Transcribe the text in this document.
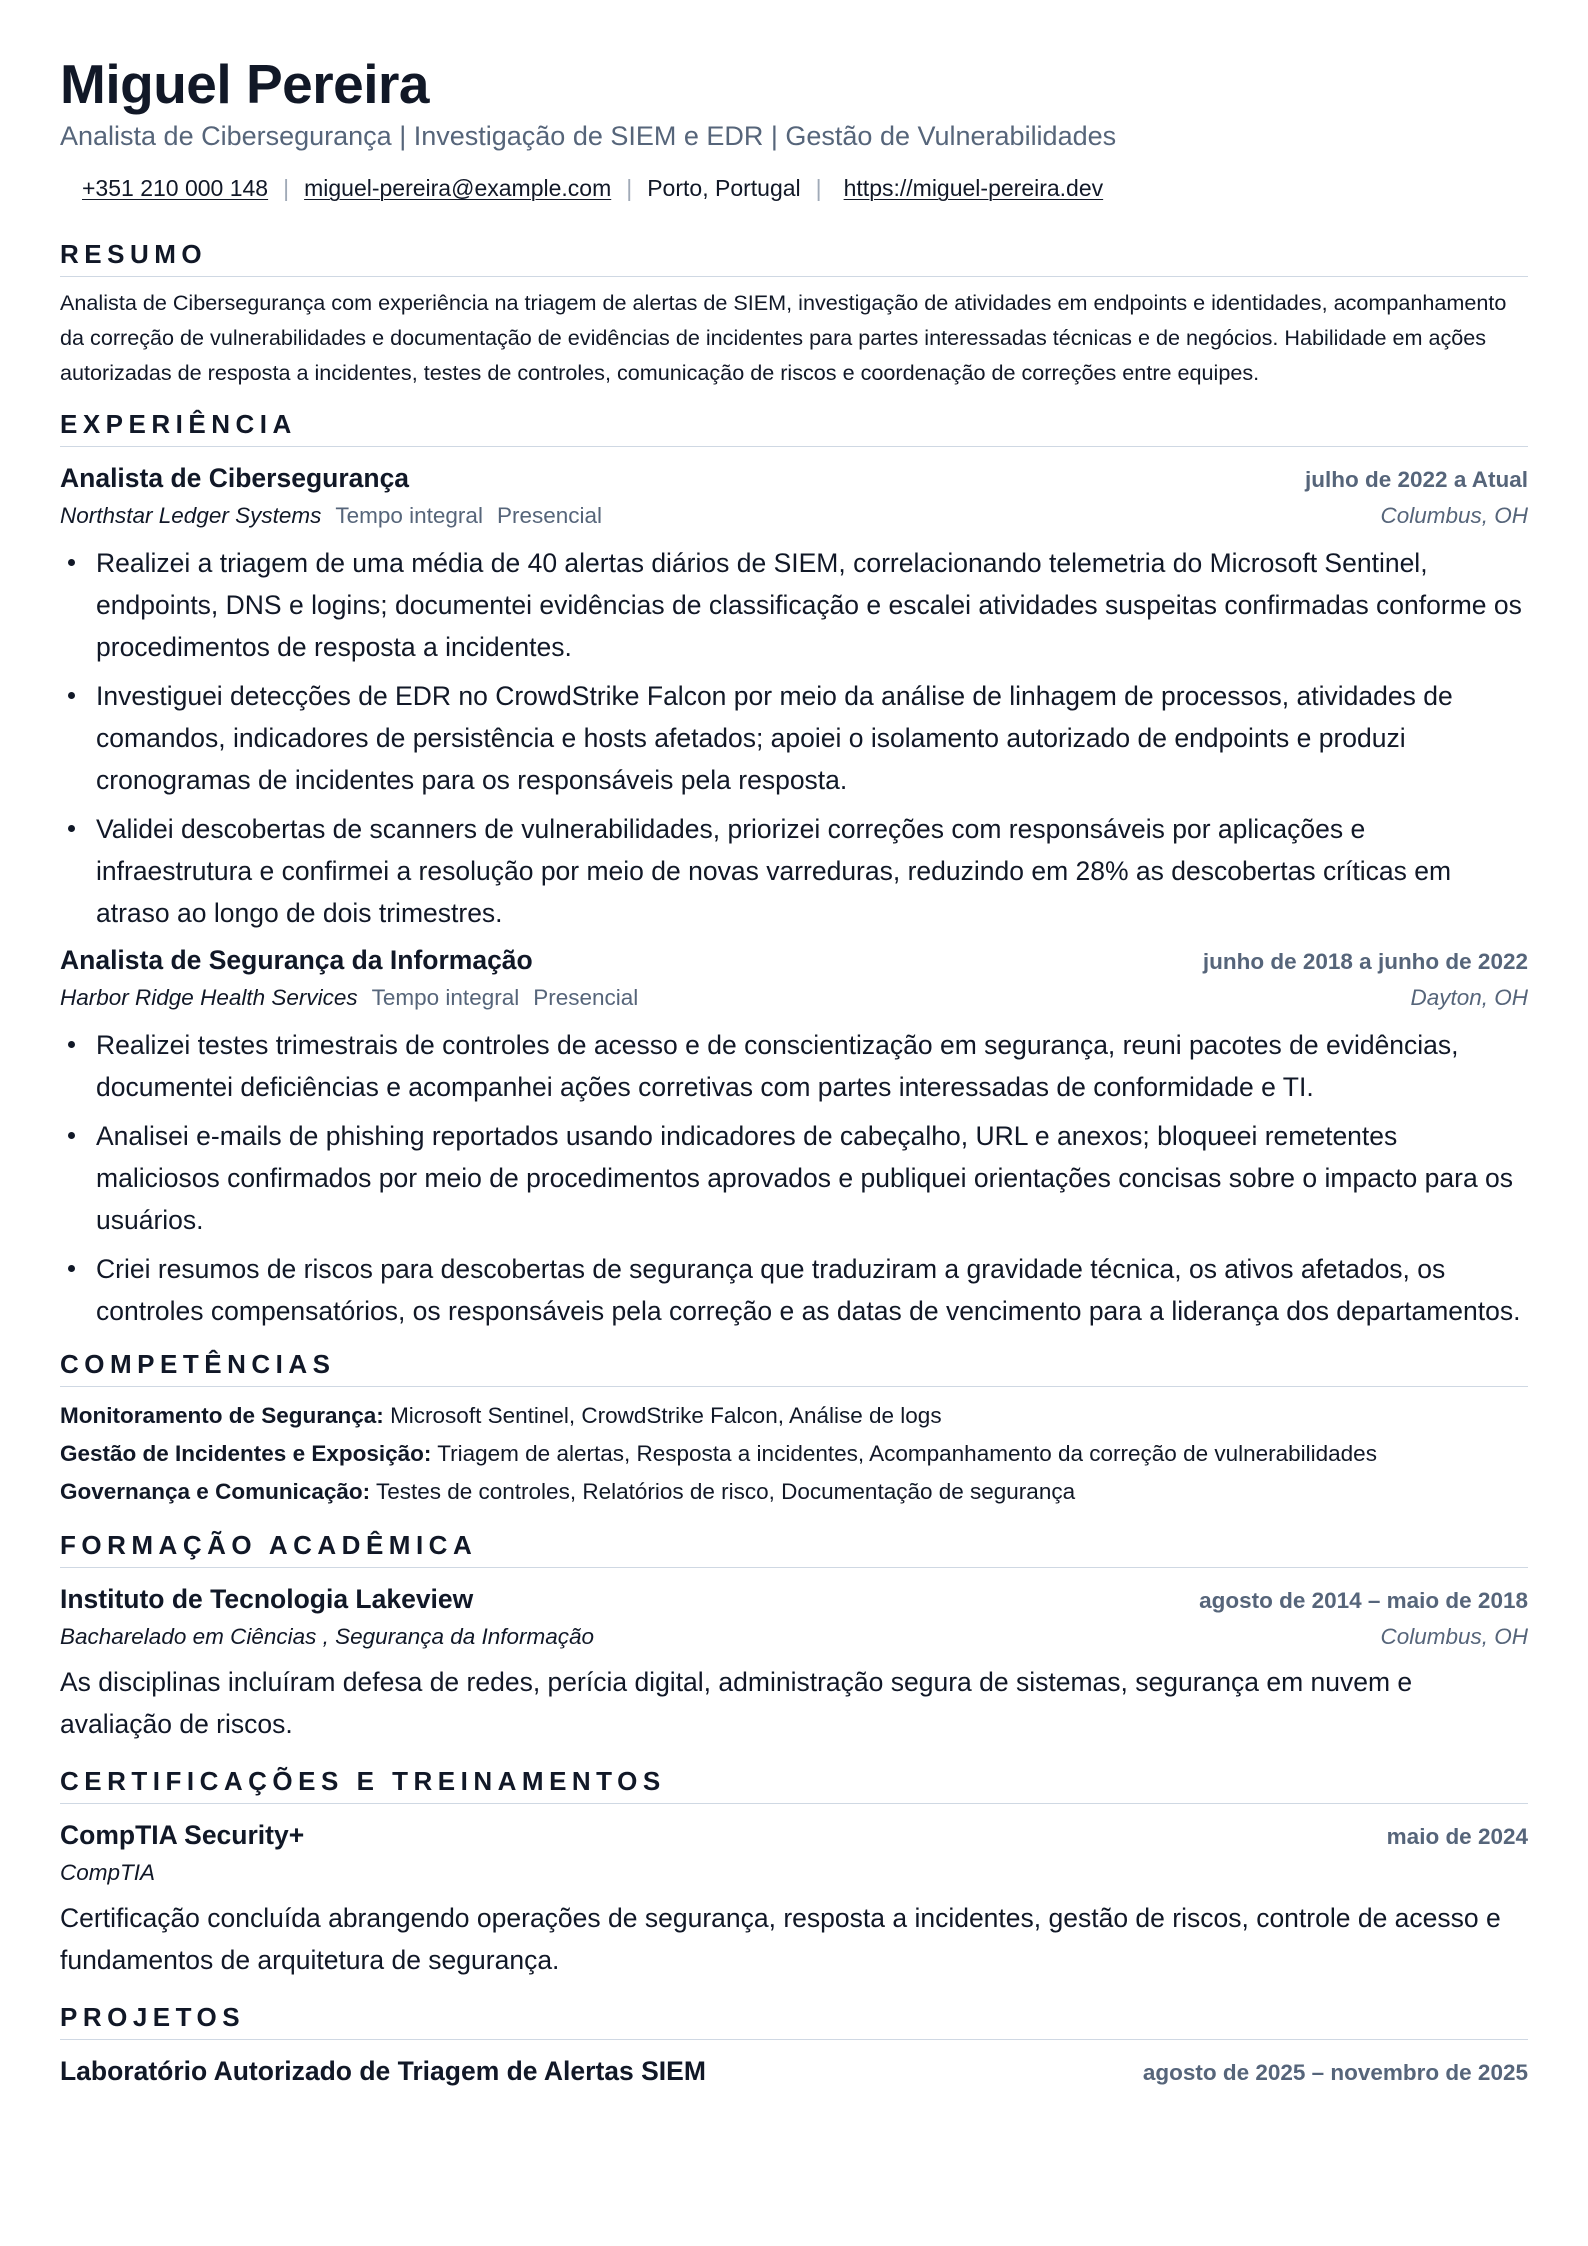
Miguel Pereira
Analista de Cibersegurança | Investigação de SIEM e EDR | Gestão de Vulnerabilidades
+351 210 000 148 | miguel-pereira@example.com | Porto, Portugal | https://miguel-pereira.dev
RESUMO

Analista de Cibersegurança com experiência na triagem de alertas de SIEM, investigação de atividades em endpoints e identidades, acompanhamento da correção de vulnerabilidades e documentação de evidências de incidentes para partes interessadas técnicas e de negócios. Habilidade em ações autorizadas de resposta a incidentes, testes de controles, comunicação de riscos e coordenação de correções entre equipes.

EXPERIÊNCIA
Analista de Cibersegurança	julho de 2022 a Atual
Northstar Ledger Systems Tempo integral Presencial	Columbus, OH
Realizei a triagem de uma média de 40 alertas diários de SIEM, correlacionando telemetria do Microsoft Sentinel, endpoints, DNS e logins; documentei evidências de classificação e escalei atividades suspeitas confirmadas conforme os procedimentos de resposta a incidentes.
Investiguei detecções de EDR no CrowdStrike Falcon por meio da análise de linhagem de processos, atividades de comandos, indicadores de persistência e hosts afetados; apoiei o isolamento autorizado de endpoints e produzi cronogramas de incidentes para os responsáveis pela resposta.
Validei descobertas de scanners de vulnerabilidades, priorizei correções com responsáveis por aplicações e infraestrutura e confirmei a resolução por meio de novas varreduras, reduzindo em 28% as descobertas críticas em atraso ao longo de dois trimestres.
Analista de Segurança da Informação	junho de 2018 a junho de 2022
Harbor Ridge Health Services Tempo integral Presencial	Dayton, OH
Realizei testes trimestrais de controles de acesso e de conscientização em segurança, reuni pacotes de evidências, documentei deficiências e acompanhei ações corretivas com partes interessadas de conformidade e TI.
Analisei e-mails de phishing reportados usando indicadores de cabeçalho, URL e anexos; bloqueei remetentes maliciosos confirmados por meio de procedimentos aprovados e publiquei orientações concisas sobre o impacto para os usuários.
Criei resumos de riscos para descobertas de segurança que traduziram a gravidade técnica, os ativos afetados, os controles compensatórios, os responsáveis pela correção e as datas de vencimento para a liderança dos departamentos.
COMPETÊNCIAS
Monitoramento de Segurança: Microsoft Sentinel, CrowdStrike Falcon, Análise de logs
Gestão de Incidentes e Exposição: Triagem de alertas, Resposta a incidentes, Acompanhamento da correção de vulnerabilidades
Governança e Comunicação: Testes de controles, Relatórios de risco, Documentação de segurança
FORMAÇÃO ACADÊMICA
Instituto de Tecnologia Lakeview	agosto de 2014 – maio de 2018
Bacharelado em Ciências , Segurança da Informação	Columbus, OH

As disciplinas incluíram defesa de redes, perícia digital, administração segura de sistemas, segurança em nuvem e avaliação de riscos.

CERTIFICAÇÕES E TREINAMENTOS
CompTIA Security+	maio de 2024
CompTIA

Certificação concluída abrangendo operações de segurança, resposta a incidentes, gestão de riscos, controle de acesso e fundamentos de arquitetura de segurança.

PROJETOS
Laboratório Autorizado de Triagem de Alertas SIEM	agosto de 2025 – novembro de 2025
